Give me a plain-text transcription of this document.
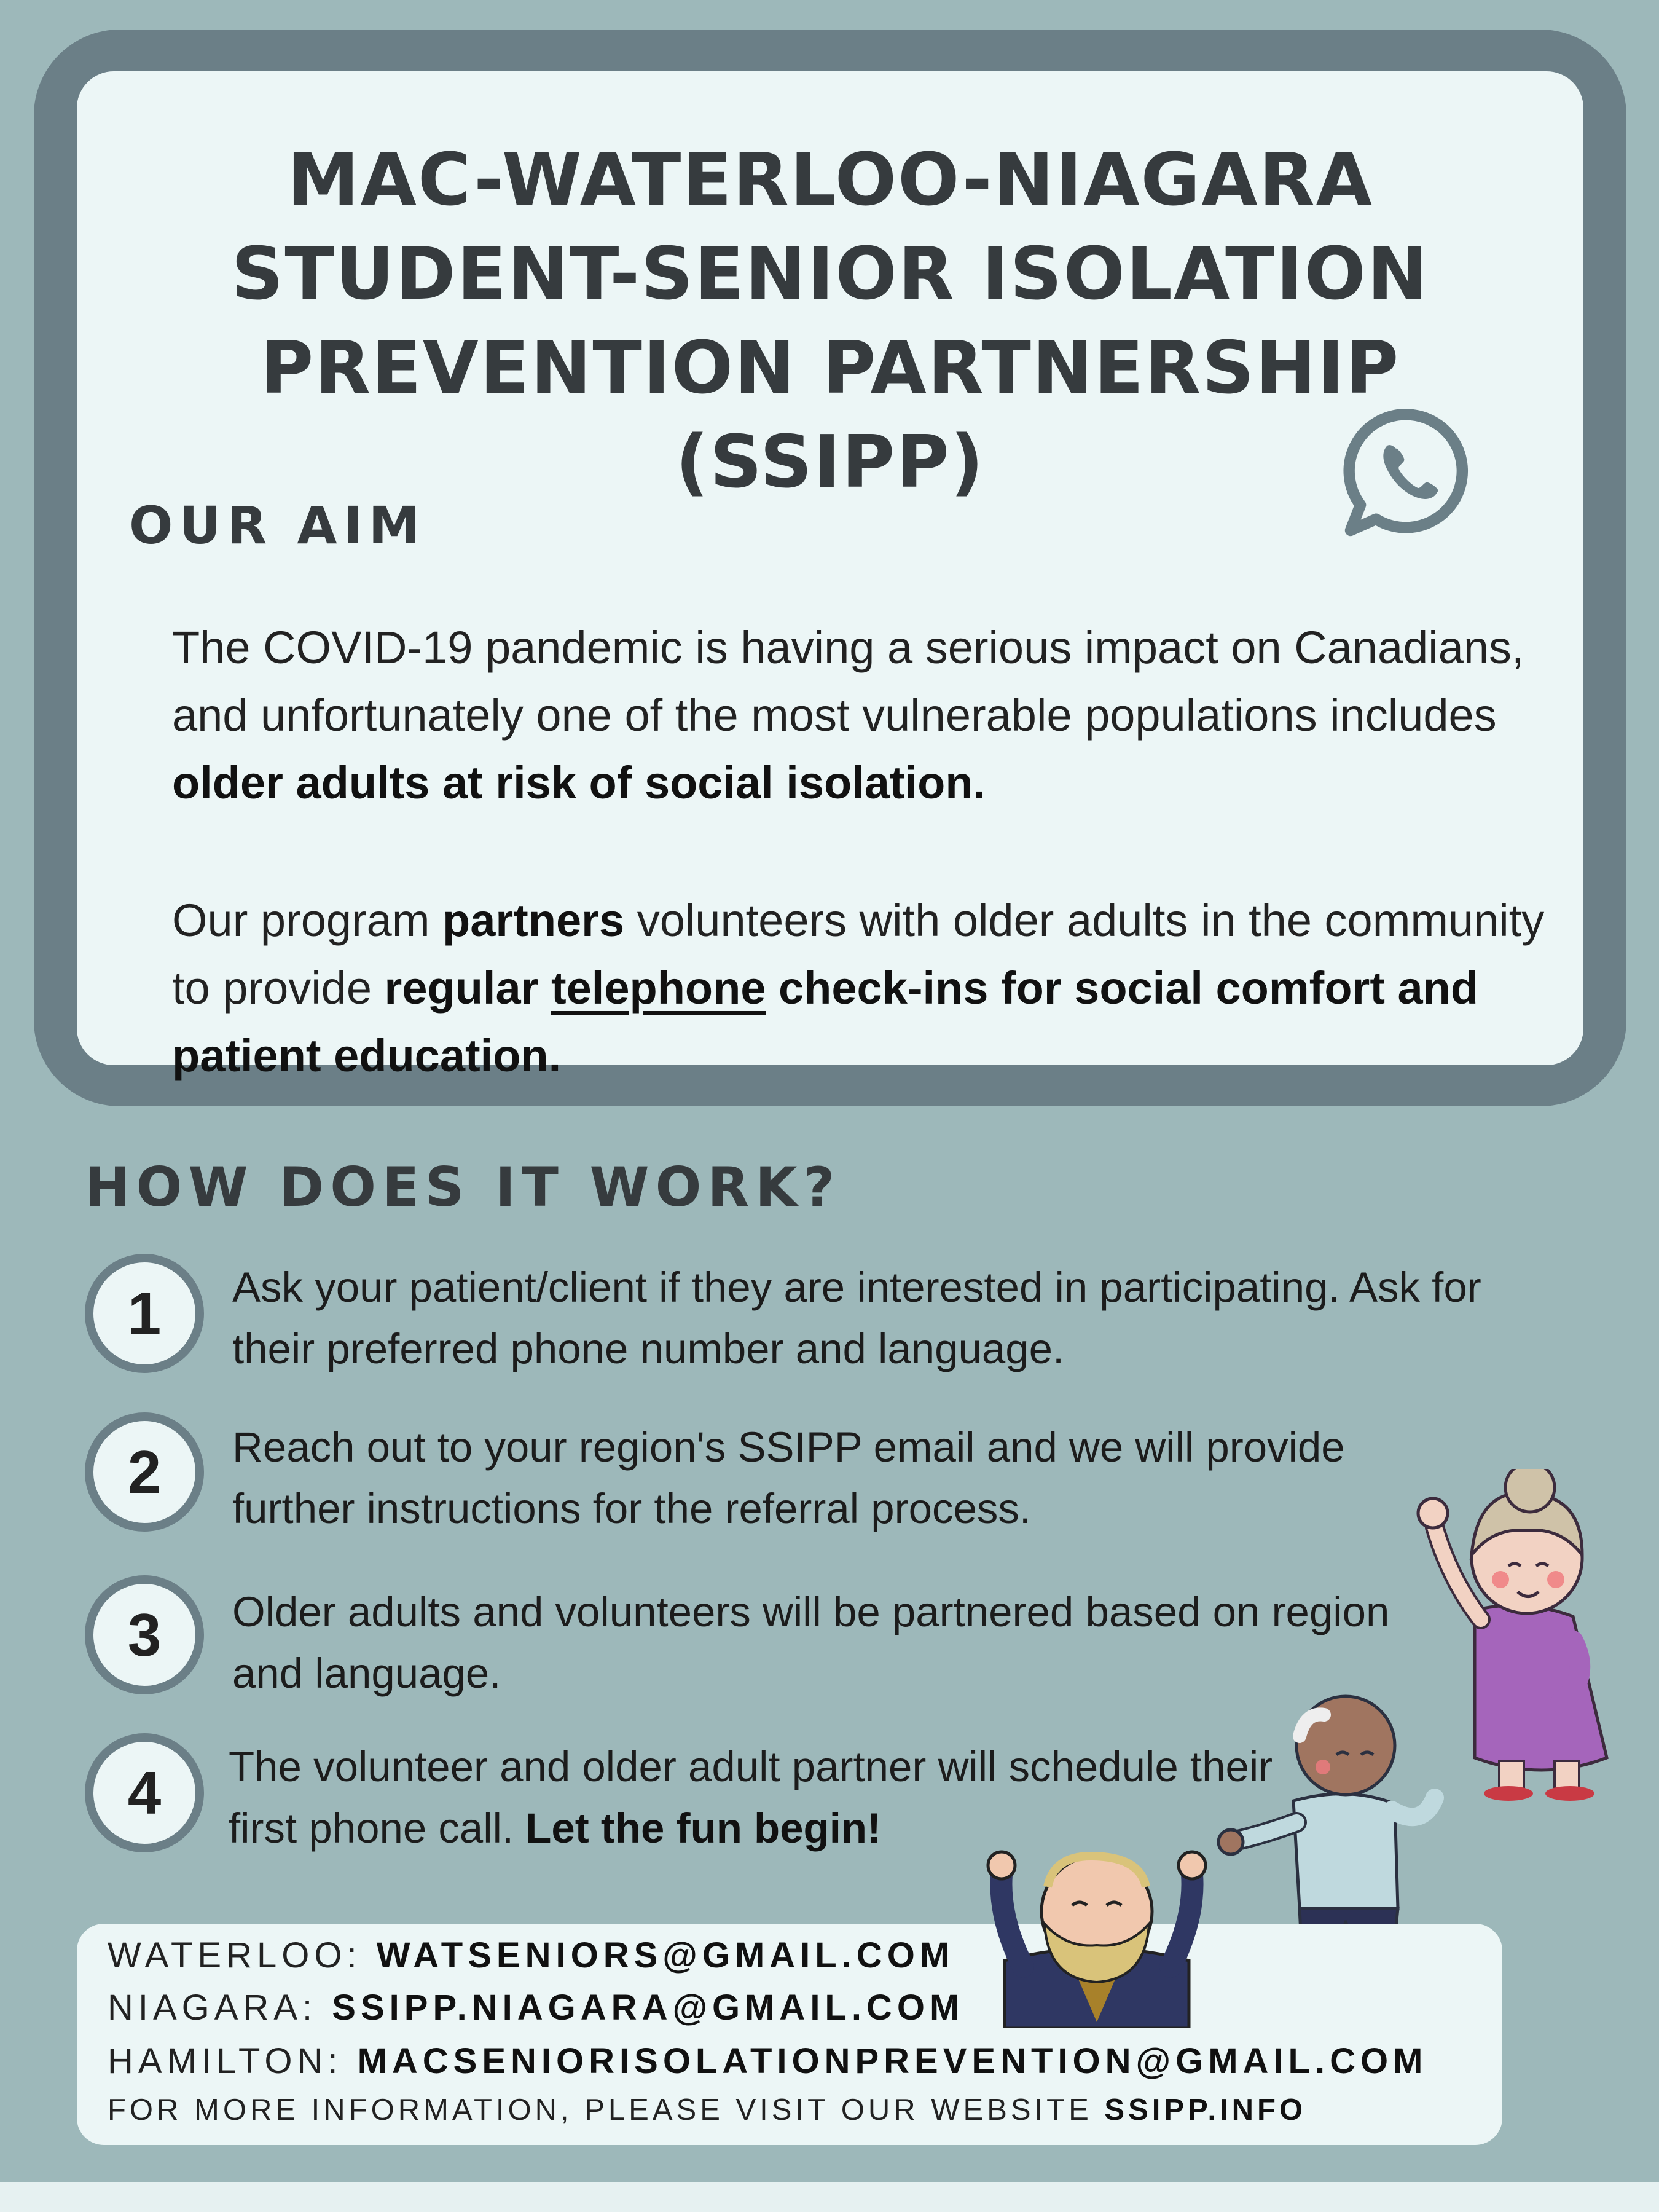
MAC-WATERLOO-NIAGARA
STUDENT-SENIOR ISOLATION
PREVENTION PARTNERSHIP
(SSIPP)
OUR AIM

The COVID-19 pandemic is having a serious impact on Canadians, and unfortunately one of the most vulnerable populations includes older adults at risk of social isolation.

Our program partners volunteers with older adults in the community to provide regular telephone check-ins for social comfort and patient education.

HOW DOES IT WORK?
1	Ask your patient/client if they are interested in participating. Ask for their preferred phone number and language.

2	Reach out to your region's SSIPP email and we will provide further instructions for the referral process.

3	Older adults and volunteers will be partnered based on region and language.

4	The volunteer and older adult partner will schedule their first phone call. Let the fun begin!

WATERLOO: WATSENIORS@GMAIL.COM

NIAGARA: SSIPP.NIAGARA@GMAIL.COM

HAMILTON: MACSENIORISOLATIONPREVENTION@GMAIL.COM

FOR MORE INFORMATION, PLEASE VISIT OUR WEBSITE SSIPP.INFO
